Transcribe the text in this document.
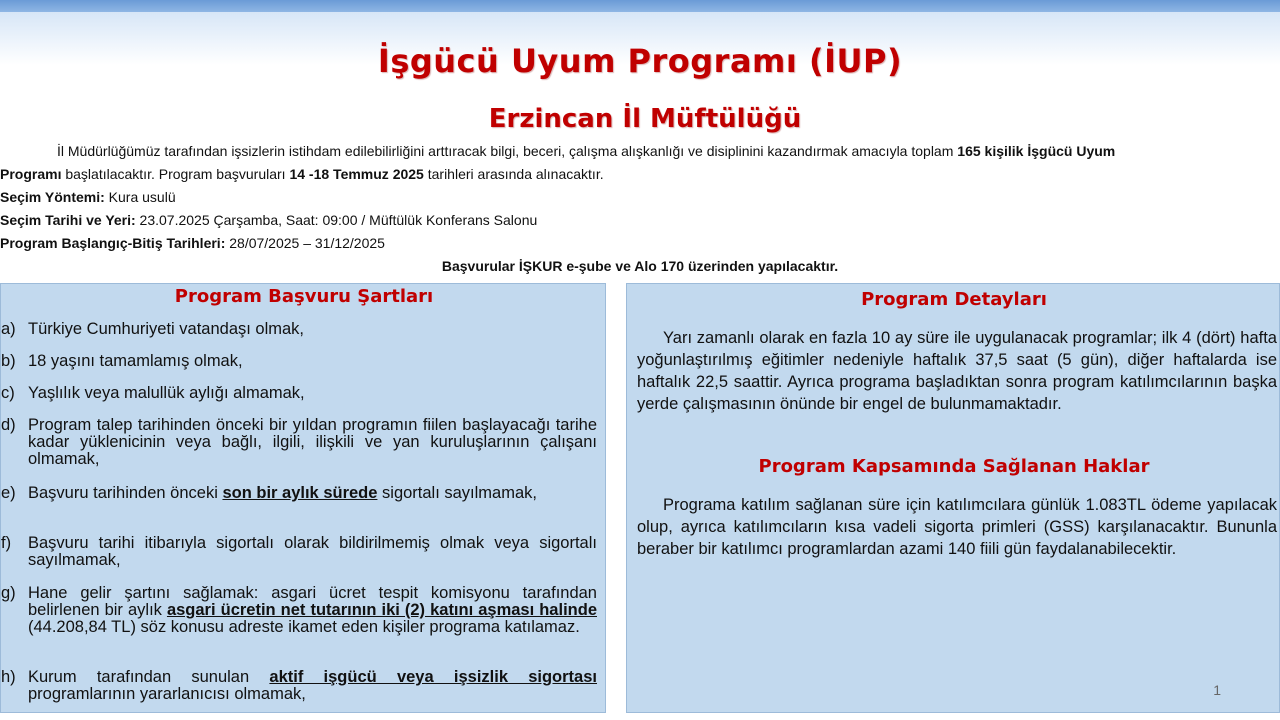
İşgücü Uyum Programı (İUP)
Erzincan İl Müftülüğü

İl Müdürlüğümüz tarafından işsizlerin istihdam edilebilirliğini arttıracak bilgi, beceri, çalışma alışkanlığı ve disiplinini kazandırmak amacıyla toplam 165 kişilik İşgücü Uyum

Programı başlatılacaktır. Program başvuruları 14 -18 Temmuz 2025 tarihleri arasında alınacaktır.

Seçim Yöntemi: Kura usulü

Seçim Tarihi ve Yeri: 23.07.2025 Çarşamba, Saat: 09:00 / Müftülük Konferans Salonu

Program Başlangıç-Bitiş Tarihleri: 28/07/2025 – 31/12/2025

Başvurular İŞKUR e-şube ve Alo 170 üzerinden yapılacaktır.

Program Başvuru Şartları
a) Türkiye Cumhuriyeti vatandaşı olmak,
b) 18 yaşını tamamlamış olmak,
c) Yaşlılık veya malullük aylığı almamak,
d) Program talep tarihinden önceki bir yıldan programın fiilen başlayacağı tarihe kadar yüklenicinin veya bağlı, ilgili, ilişkili ve yan kuruluşlarının çalışanı olmamak,
e) Başvuru tarihinden önceki son bir aylık sürede sigortalı sayılmamak,
f) Başvuru tarihi itibarıyla sigortalı olarak bildirilmemiş olmak veya sigortalı sayılmamak,
g) Hane gelir şartını sağlamak: asgari ücret tespit komisyonu tarafından belirlenen bir aylık asgari ücretin net tutarının iki (2) katını aşması halinde (44.208,84 TL) söz konusu adreste ikamet eden kişiler programa katılamaz.
h) Kurum tarafından sunulan aktif işgücü veya işsizlik sigortası programlarının yararlanıcısı olmamak,
Program Detayları
Yarı zamanlı olarak en fazla 10 ay süre ile uygulanacak programlar; ilk 4 (dört) hafta yoğunlaştırılmış eğitimler nedeniyle haftalık 37,5 saat (5 gün), diğer haftalarda ise haftalık 22,5 saattir. Ayrıca programa başladıktan sonra program katılımcılarının başka yerde çalışmasının önünde bir engel de bulunmamaktadır.
Program Kapsamında Sağlanan Haklar
Programa katılım sağlanan süre için katılımcılara günlük 1.083TL ödeme yapılacak olup, ayrıca katılımcıların kısa vadeli sigorta primleri (GSS) karşılanacaktır. Bununla beraber bir katılımcı programlardan azami 140 fiili gün faydalanabilecektir.
1
